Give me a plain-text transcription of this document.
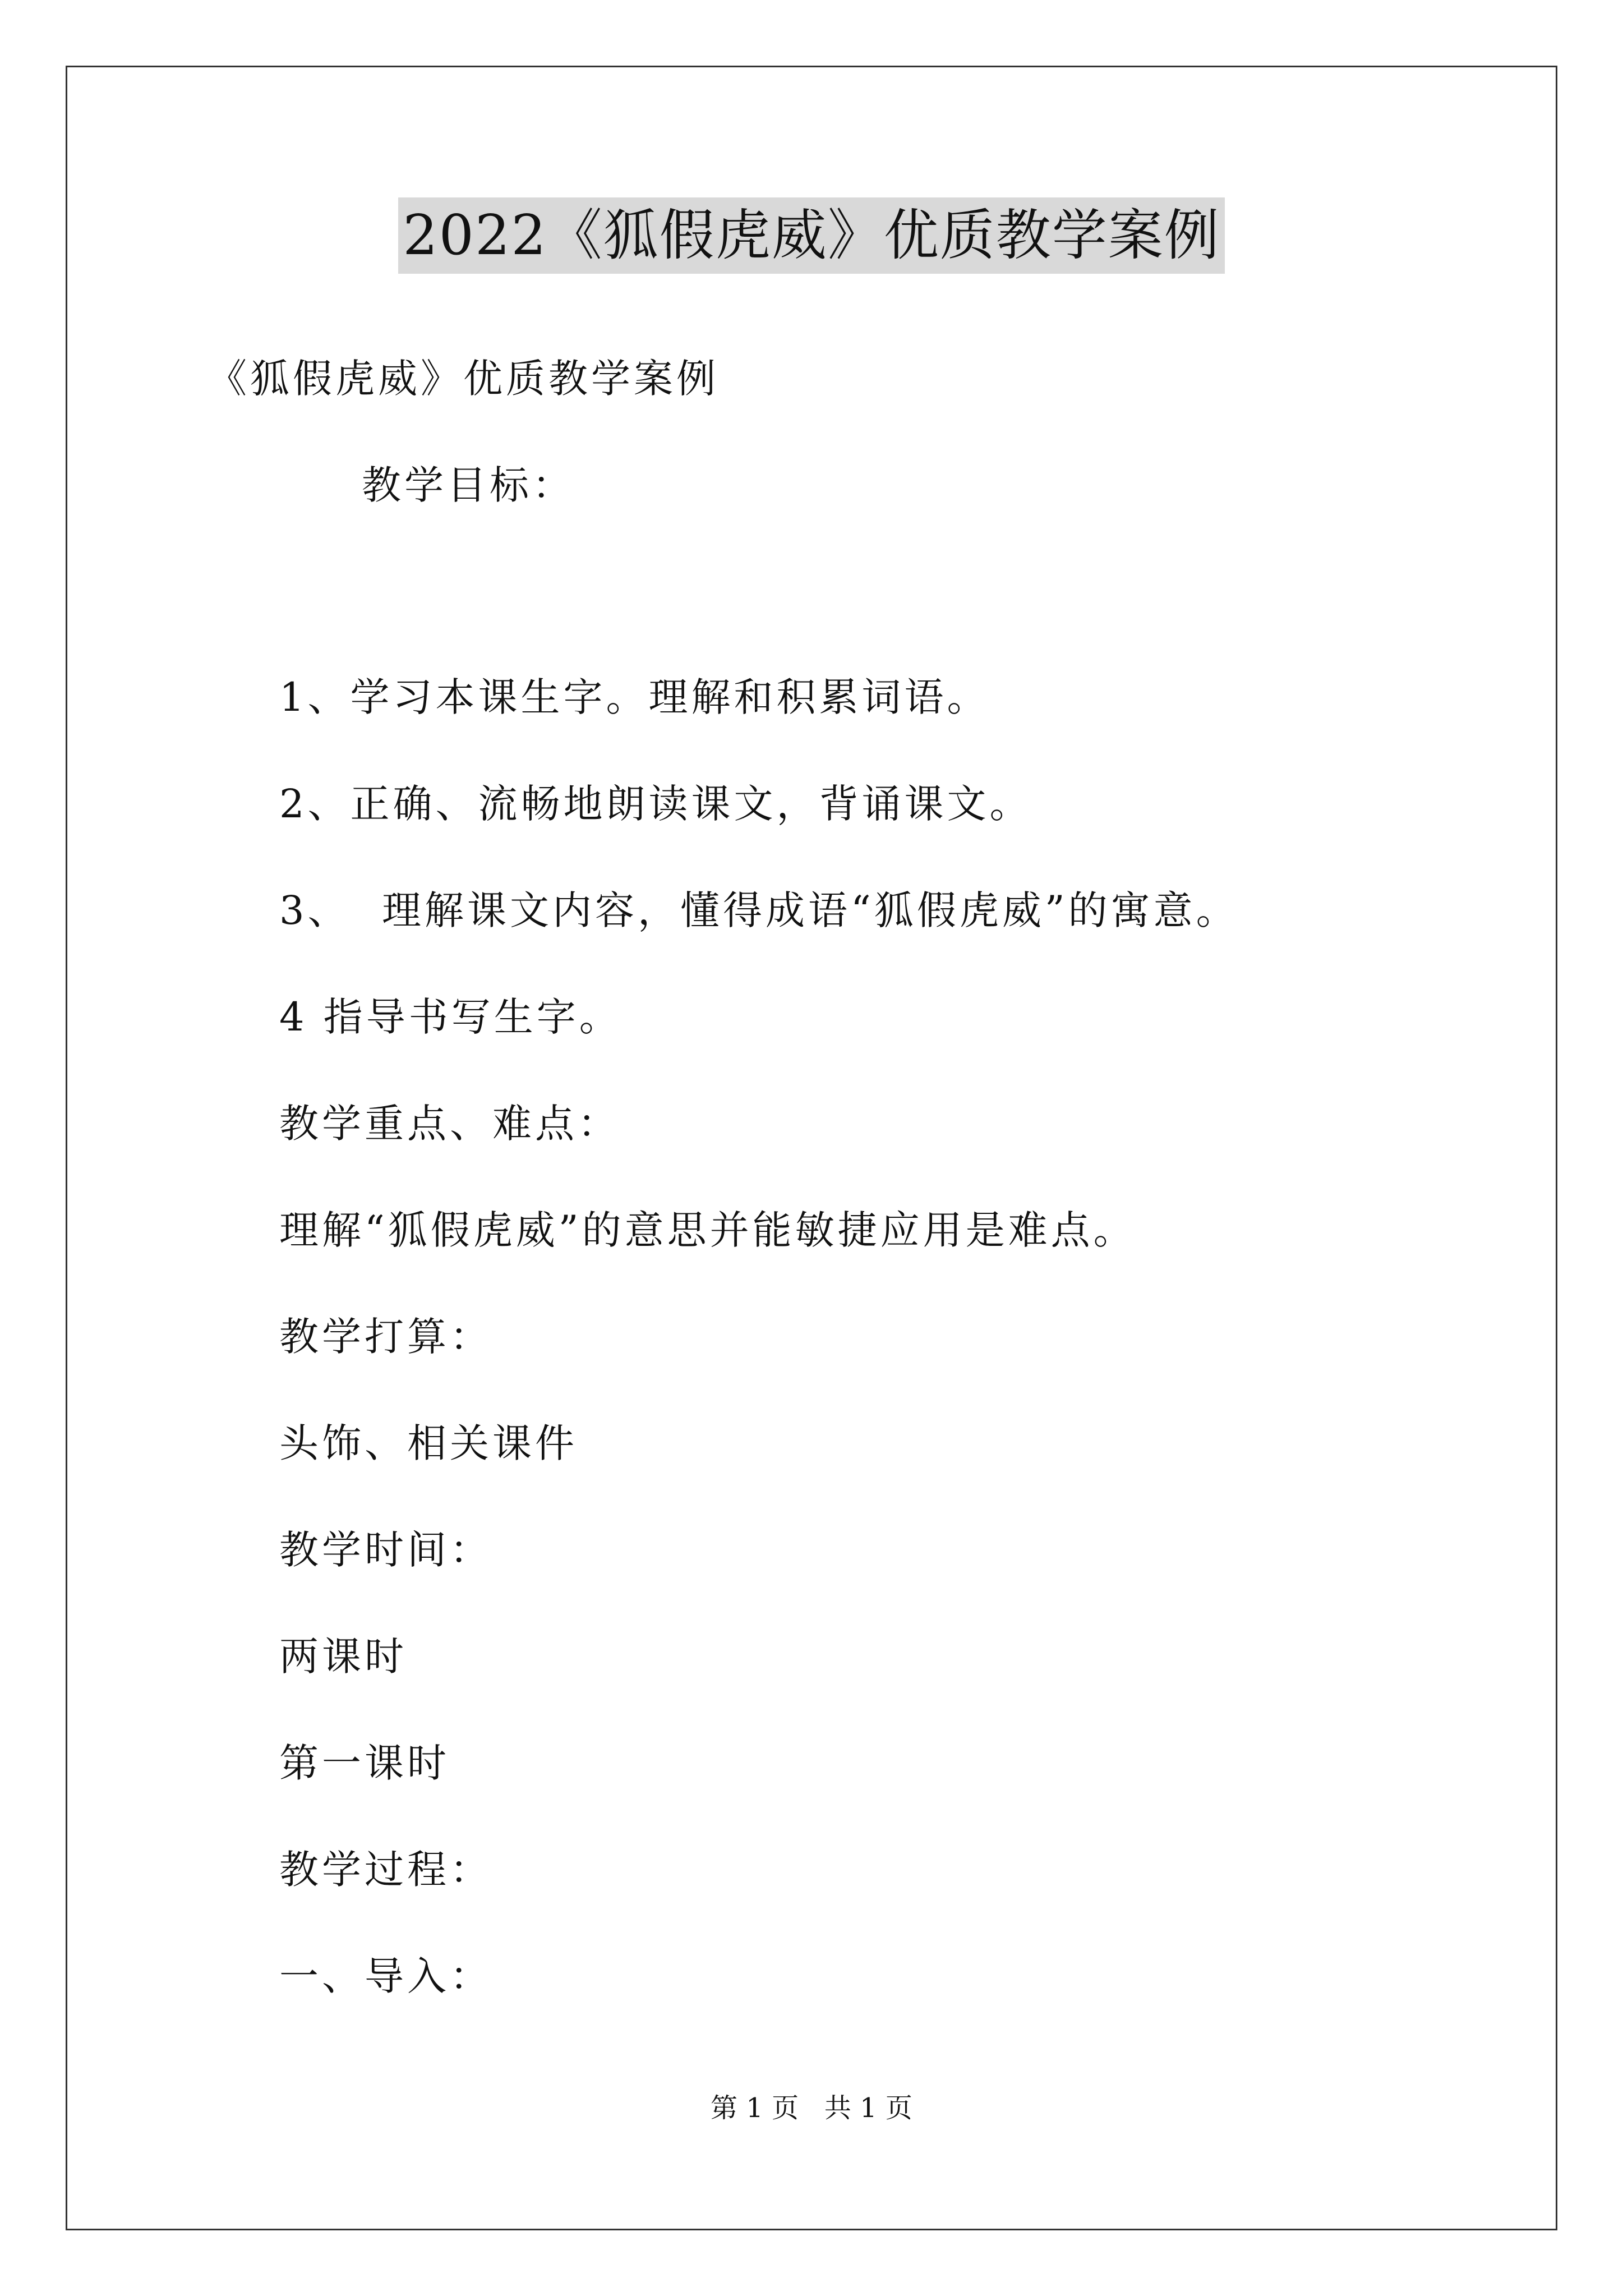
2022《狐假虎威》优质教学案例
《狐假虎威》优质教学案例
教学目标：
1、学习本课生字。理解和积累词语。
2、正确、流畅地朗读课文，背诵课文。
3、  理解课文内容，懂得成语“狐假虎威”的寓意。
4 指导书写生字。
教学重点、难点：
理解“狐假虎威”的意思并能敏捷应用是难点。
教学打算：
头饰、相关课件
教学时间：
两课时
第一课时
教学过程：
一、导入：
第 1 页   共 1 页
